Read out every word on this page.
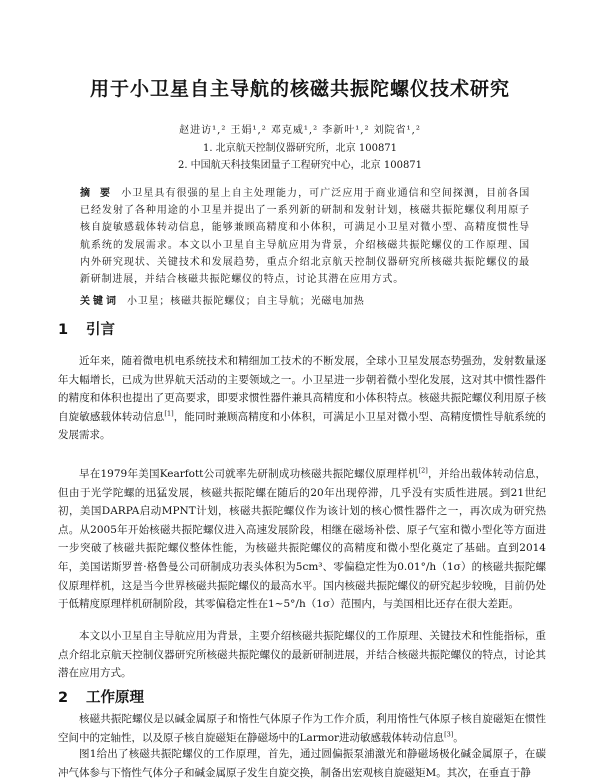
用于小卫星自主导航的核磁共振陀螺仪技术研究
赵进访¹,² 王娟¹,² 邓克威¹,² 李新叶¹,² 刘院省¹,²
1. 北京航天控制仪器研究所，北京 100871
2. 中国航天科技集团量子工程研究中心，北京 100871

摘 要 小卫星具有很强的星上自主处理能力，可广泛应用于商业通信和空间探测，目前各国已经发射了各种用途的小卫星并提出了一系列新的研制和发射计划，核磁共振陀螺仪利用原子核自旋敏感载体转动信息，能够兼顾高精度和小体积，可满足小卫星对微小型、高精度惯性导航系统的发展需求。本文以小卫星自主导航应用为背景，介绍核磁共振陀螺仪的工作原理、国内外研究现状、关键技术和发展趋势，重点介绍北京航天控制仪器研究所核磁共振陀螺仪的最新研制进展，并结合核磁共振陀螺仪的特点，讨论其潜在应用方式。

关键词 小卫星；核磁共振陀螺仪；自主导航；光磁电加热

1 引言

近年来，随着微电机电系统技术和精细加工技术的不断发展，全球小卫星发展态势强劲，发射数量逐年大幅增长，已成为世界航天活动的主要领域之一。小卫星进一步朝着微小型化发展，这对其中惯性器件的精度和体积也提出了更高要求，即要求惯性器件兼具高精度和小体积特点。核磁共振陀螺仪利用原子核自旋敏感载体转动信息[1]，能同时兼顾高精度和小体积，可满足小卫星对微小型、高精度惯性导航系统的发展需求。

早在1979年美国Kearfott公司就率先研制成功核磁共振陀螺仪原理样机[2]，并给出载体转动信息，但由于光学陀螺的迅猛发展，核磁共振陀螺在随后的20年出现停滞，几乎没有实质性进展。到21世纪初，美国DARPA启动MPNT计划，核磁共振陀螺仪作为该计划的核心惯性器件之一，再次成为研究热点。从2005年开始核磁共振陀螺仪进入高速发展阶段，相继在磁场补偿、原子气室和微小型化等方面进一步突破了核磁共振陀螺仪整体性能，为核磁共振陀螺仪的高精度和微小型化奠定了基础。直到2014年，美国诺斯罗普·格鲁曼公司研制成功表头体积为5cm³、零偏稳定性为0.01°/h（1σ）的核磁共振陀螺仪原理样机，这是当今世界核磁共振陀螺仪的最高水平。国内核磁共振陀螺仪的研究起步较晚，目前仍处于低精度原理样机研制阶段，其零偏稳定性在1~5°/h（1σ）范围内，与美国相比还存在很大差距。

本文以小卫星自主导航应用为背景，主要介绍核磁共振陀螺仪的工作原理、关键技术和性能指标，重点介绍北京航天控制仪器研究所核磁共振陀螺仪的最新研制进展，并结合核磁共振陀螺仪的特点，讨论其潜在应用方式。

2 工作原理

核磁共振陀螺仪是以碱金属原子和惰性气体原子作为工作介质，利用惰性气体原子核自旋磁矩在惯性空间中的定轴性，以及原子核自旋磁矩在静磁场中的Larmor进动敏感载体转动信息[3]。

图1给出了核磁共振陀螺仪的工作原理，首先，通过圆偏振泵浦激光和静磁场极化碱金属原子，在碳冲气体参与下惰性气体分子和碱金属原子发生自旋交换，制备出宏观核自旋磁矩M。其次，在垂直于静
